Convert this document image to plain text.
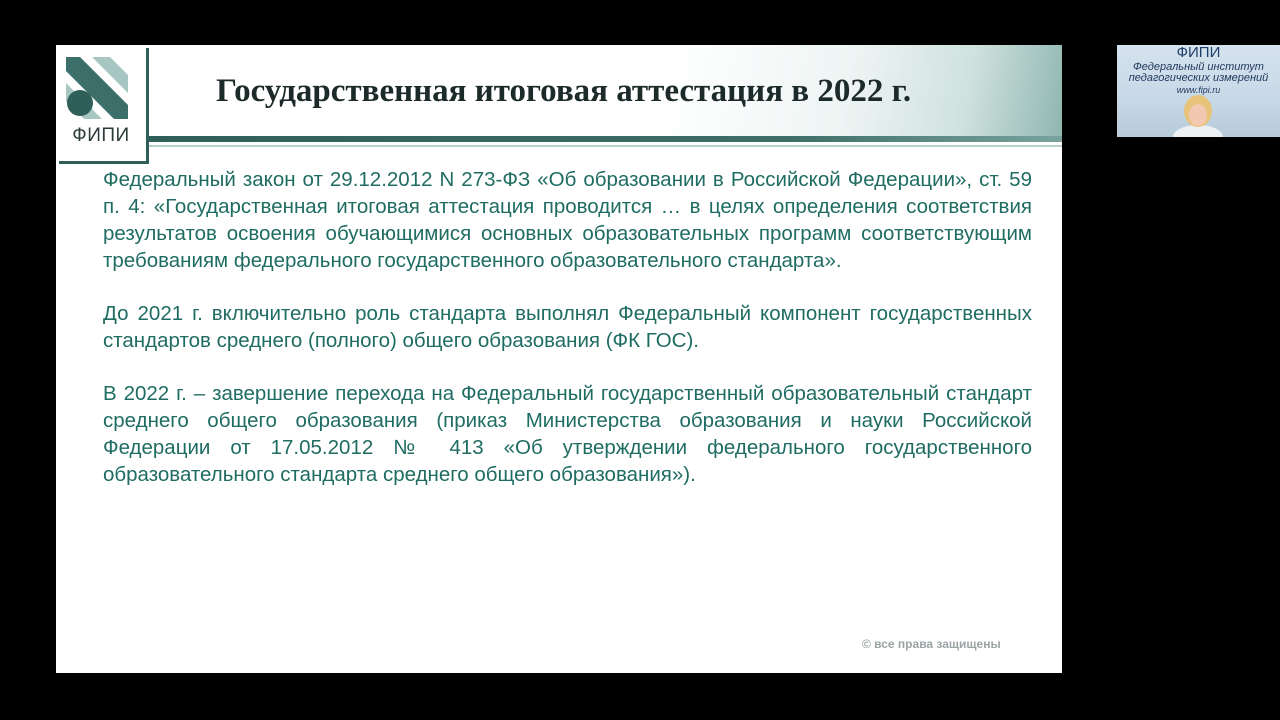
ФИПИ
Государственная итоговая аттестация в 2022 г.

Федеральный закон от 29.12.2012 N 273-ФЗ «Об образовании в Российской Федерации», ст. 59 п. 4: «Государственная итоговая аттестация проводится … в целях определения соответствия результатов освоения обучающимися основных образовательных программ соответствующим требованиям федерального государственного образовательного стандарта».

До 2021 г. включительно роль стандарта выполнял Федеральный компонент государственных стандартов среднего (полного) общего образования (ФК ГОС).

В 2022 г. – завершение перехода на Федеральный государственный образовательный стандарт среднего общего образования (приказ Министерства образования и науки Российской Федерации от 17.05.2012 № 413 «Об утверждении федерального государственного образовательного стандарта среднего общего образования»).

© все права защищены
ФИПИ
Федеральный институт
педагогических измерений
www.fipi.ru
